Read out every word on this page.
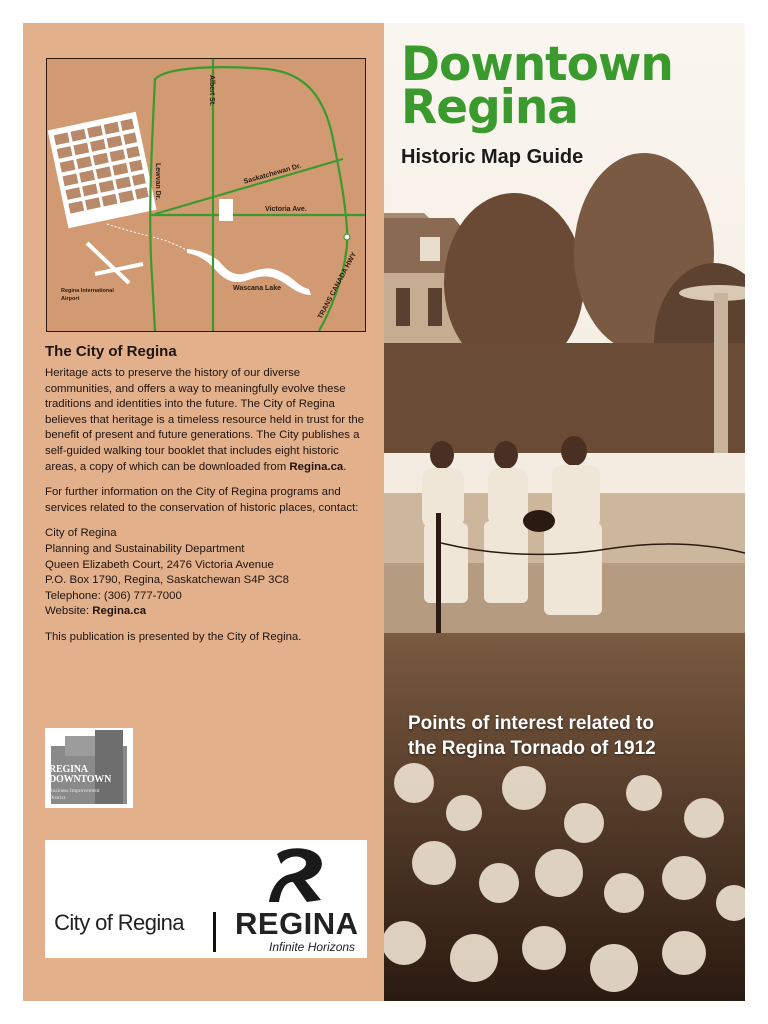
Albert St.
Lewvan Dr.	Saskatchewan Dr.
Victoria Ave.
TRANS CANADA HWY
Wascana Lake
Regina International Airport
The City of Regina

Heritage acts to preserve the history of our diverse communities, and offers a way to meaningfully evolve these traditions and identities into the future. The City of Regina believes that heritage is a timeless resource held in trust for the benefit of present and future generations. The City publishes a self-guided walking tour booklet that includes eight historic areas, a copy of which can be downloaded from Regina.ca.

For further information on the City of Regina programs and services related to the conservation of historic places, contact:

City of Regina
Planning and Sustainability Department
Queen Elizabeth Court, 2476 Victoria Avenue
P.O. Box 1790, Regina, Saskatchewan S4P 3C8
Telephone: (306) 777-7000
Website: Regina.ca

This publication is presented by the City of Regina.

REGINA
DOWNTOWN
Business Improvement
District
City of Regina REGINA
Infinite Horizons
Downtown
Regina
Historic Map Guide
Points of interest related to
the Regina Tornado of 1912
